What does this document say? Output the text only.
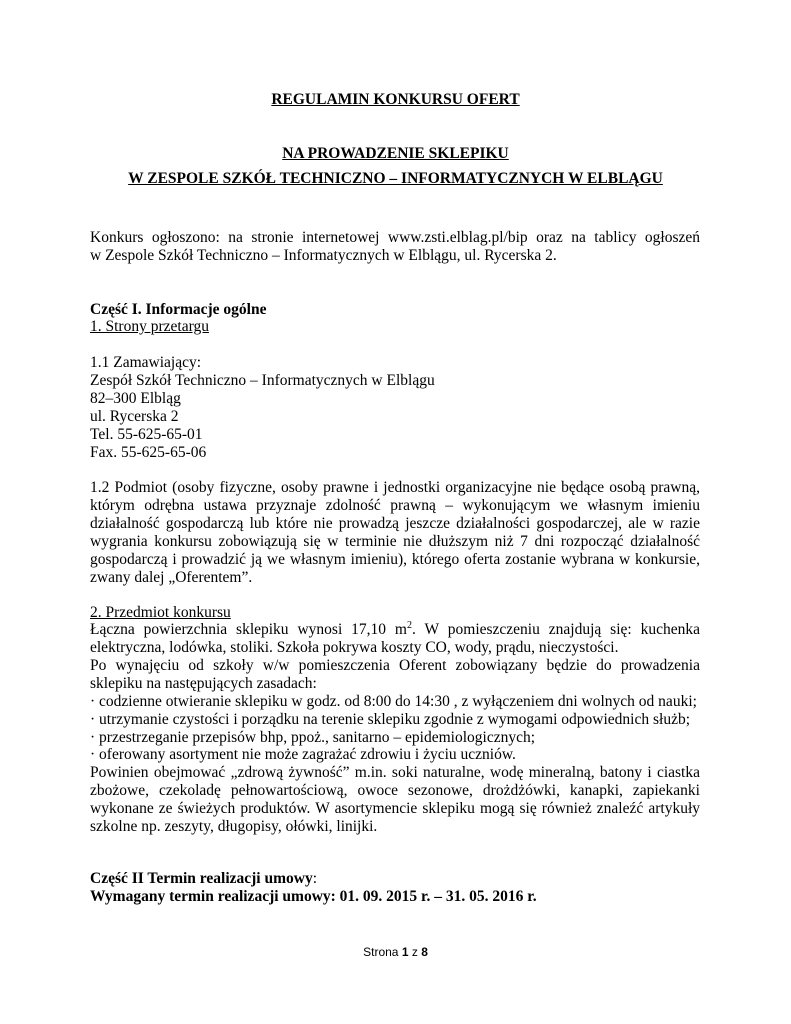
REGULAMIN KONKURSU OFERT
NA PROWADZENIE SKLEPIKU
W ZESPOLE SZKÓŁ TECHNICZNO – INFORMATYCZNYCH W ELBLĄGU
Konkurs ogłoszono: na stronie internetowej www.zsti.elblag.pl/bip oraz na tablicy ogłoszeń
w Zespole Szkół Techniczno – Informatycznych w Elblągu, ul. Rycerska 2.
Część I. Informacje ogólne
1. Strony przetargu
1.1 Zamawiający:
Zespół Szkół Techniczno – Informatycznych w Elblągu
82–300 Elbląg
ul. Rycerska 2
Tel. 55-625-65-01
Fax. 55-625-65-06
1.2 Podmiot (osoby fizyczne, osoby prawne i jednostki organizacyjne nie będące osobą prawną,
którym odrębna ustawa przyznaje zdolność prawną – wykonującym we własnym imieniu
działalność gospodarczą lub które nie prowadzą jeszcze działalności gospodarczej, ale w razie
wygrania konkursu zobowiązują się w terminie nie dłuższym niż 7 dni rozpocząć działalność
gospodarczą i prowadzić ją we własnym imieniu), którego oferta zostanie wybrana w konkursie,
zwany dalej „Oferentem”.
2. Przedmiot konkursu
Łączna powierzchnia sklepiku wynosi 17,10 $m^2$. W pomieszczeniu znajdują się: kuchenka
elektryczna, lodówka, stoliki. Szkoła pokrywa koszty CO, wody, prądu, nieczystości.
Po wynajęciu od szkoły w/w pomieszczenia Oferent zobowiązany będzie do prowadzenia
sklepiku na następujących zasadach:
· codzienne otwieranie sklepiku w godz. od 8:00 do 14:30 , z wyłączeniem dni wolnych od nauki;
· utrzymanie czystości i porządku na terenie sklepiku zgodnie z wymogami odpowiednich służb;
· przestrzeganie przepisów bhp, ppoż., sanitarno – epidemiologicznych;
· oferowany asortyment nie może zagrażać zdrowiu i życiu uczniów.
Powinien obejmować „zdrową żywność” m.in. soki naturalne, wodę mineralną, batony i ciastka
zbożowe, czekoladę pełnowartościową, owoce sezonowe, drożdżówki, kanapki, zapiekanki
wykonane ze świeżych produktów. W asortymencie sklepiku mogą się również znaleźć artykuły
szkolne np. zeszyty, długopisy, ołówki, linijki.
Część II Termin realizacji umowy:
Wymagany termin realizacji umowy: 01. 09. 2015 r. – 31. 05. 2016 r.
Strona 1 z 8
